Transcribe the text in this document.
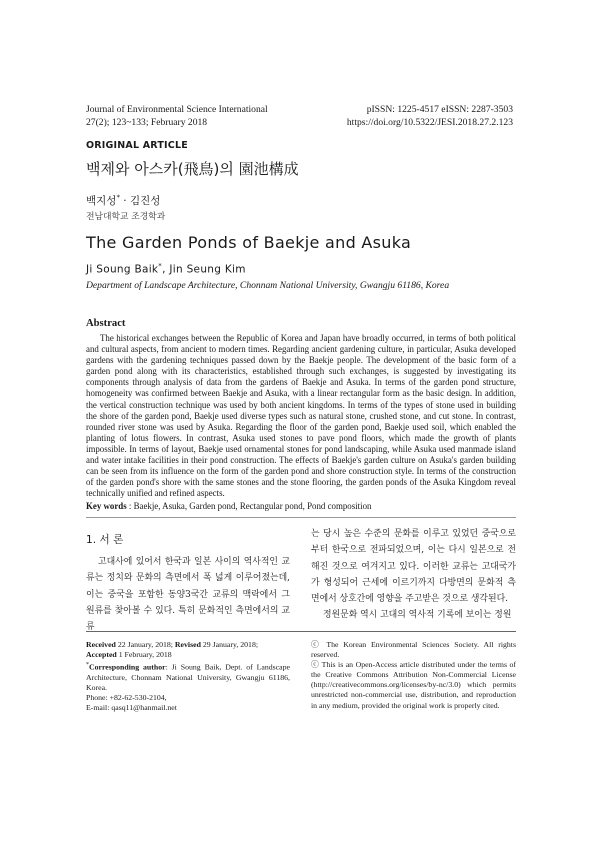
Journal of Environmental Science International
27(2); 123~133; February 2018
pISSN: 1225-4517 eISSN: 2287-3503
https://doi.org/10.5322/JESI.2018.27.2.123
ORIGINAL ARTICLE
백제와 아스카(飛鳥)의 園池構成
백지성* · 김진성
전남대학교 조경학과
The Garden Ponds of Baekje and Asuka
Ji Soung Baik*, Jin Seung Kim
Department of Landscape Architecture, Chonnam National University, Gwangju 61186, Korea
Abstract

The historical exchanges between the Republic of Korea and Japan have broadly occurred, in terms of both political and cultural aspects, from ancient to modern times. Regarding ancient gardening culture, in particular, Asuka developed gardens with the gardening techniques passed down by the Baekje people. The development of the basic form of a garden pond along with its characteristics, established through such exchanges, is suggested by investigating its components through analysis of data from the gardens of Baekje and Asuka. In terms of the garden pond structure, homogeneity was confirmed between Baekje and Asuka, with a linear rectangular form as the basic design. In addition, the vertical construction technique was used by both ancient kingdoms. In terms of the types of stone used in building the shore of the garden pond, Baekje used diverse types such as natural stone, crushed stone, and cut stone. In contrast, rounded river stone was used by Asuka. Regarding the floor of the garden pond, Baekje used soil, which enabled the planting of lotus flowers. In contrast, Asuka used stones to pave pond floors, which made the growth of plants impossible. In terms of layout, Baekje used ornamental stones for pond landscaping, while Asuka used manmade island and water intake facilities in their pond construction. The effects of Baekje's garden culture on Asuka's garden building can be seen from its influence on the form of the garden pond and shore construction style. In terms of the construction of the garden pond's shore with the same stones and the stone flooring, the garden ponds of the Asuka Kingdom reveal technically unified and refined aspects.

Key words : Baekje, Asuka, Garden pond, Rectangular pond, Pond composition
1. 서 론

고대사에 있어서 한국과 일본 사이의 역사적인 교류는 정치와 문화의 측면에서 폭 넓게 이루어졌는데, 이는 중국을 포함한 동양3국간 교류의 맥락에서 그 원류를 찾아볼 수 있다. 특히 문화적인 측면에서의 교류

는 당시 높은 수준의 문화를 이루고 있었던 중국으로부터 한국으로 전파되었으며, 이는 다시 일본으로 전해진 것으로 여겨지고 있다. 이러한 교류는 고대국가가 형성되어 근세에 이르기까지 다방면의 문화적 측면에서 상호간에 영향을 주고받은 것으로 생각된다.
정원문화 역시 고대의 역사적 기록에 보이는 정원

Received 22 January, 2018; Revised 29 January, 2018;
Accepted 1 February, 2018
*Corresponding author: Ji Soung Baik, Dept. of Landscape Architecture, Chonnam National University, Gwangju 61186, Korea.
Phone: +82-62-530-2104,
E-mail: qasq11@hanmail.net
ⓒ The Korean Environmental Sciences Society. All rights reserved.
ⓒ This is an Open-Access article distributed under the terms of the Creative Commons Attribution Non-Commercial License (http://creativecommons.org/licenses/by-nc/3.0) which permits unrestricted non-commercial use, distribution, and reproduction in any medium, provided the original work is properly cited.
